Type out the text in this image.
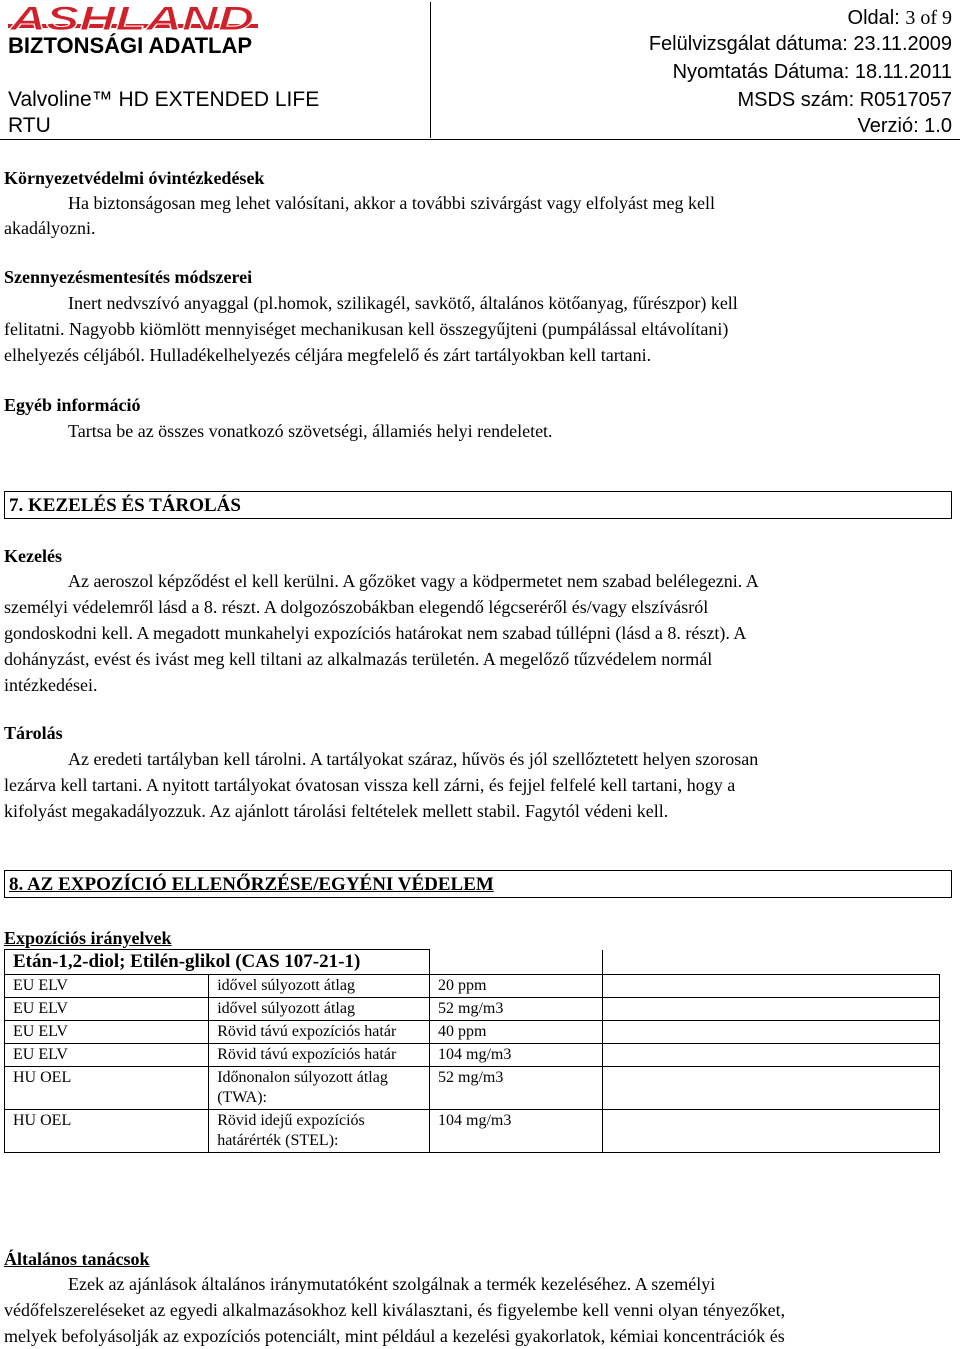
ASHLAND
BIZTONSÁGI ADATLAP
Valvoline™ HD EXTENDED LIFE
RTU
Oldal: 3 of 9
Felülvizsgálat dátuma: 23.11.2009
Nyomtatás Dátuma: 18.11.2011
MSDS szám: R0517057
Verzió: 1.0
Környezetvédelmi óvintézkedések
Ha biztonságosan meg lehet valósítani, akkor a további szivárgást vagy elfolyást meg kell
akadályozni.
Szennyezésmentesítés módszerei
Inert nedvszívó anyaggal (pl.homok, szilikagél, savkötő, általános kötőanyag, fűrészpor) kell
felitatni. Nagyobb kiömlött mennyiséget mechanikusan kell összegyűjteni (pumpálással eltávolítani)
elhelyezés céljából. Hulladékelhelyezés céljára megfelelő és zárt tartályokban kell tartani.
Egyéb információ
Tartsa be az összes vonatkozó szövetségi, államiés helyi rendeletet.
7. KEZELÉS ÉS TÁROLÁS
Kezelés
Az aeroszol képződést el kell kerülni. A gőzöket vagy a ködpermetet nem szabad belélegezni. A
személyi védelemről lásd a 8. részt. A dolgozószobákban elegendő légcseréről és/vagy elszívásról
gondoskodni kell. A megadott munkahelyi expozíciós határokat nem szabad túllépni (lásd a 8. részt). A
dohányzást, evést és ivást meg kell tiltani az alkalmazás területén. A megelőző tűzvédelem normál
intézkedései.
Tárolás
Az eredeti tartályban kell tárolni. A tartályokat száraz, hűvös és jól szellőztetett helyen szorosan
lezárva kell tartani. A nyitott tartályokat óvatosan vissza kell zárni, és fejjel felfelé kell tartani, hogy a
kifolyást megakadályozzuk. Az ajánlott tárolási feltételek mellett stabil. Fagytól védeni kell.
8. AZ EXPOZÍCIÓ ELLENŐRZÉSE/EGYÉNI VÉDELEM
Expozíciós irányelvek
Etán-1,2-diol; Etilén-glikol (CAS 107-21-1)			
EU ELV	idővel súlyozott átlag	20 ppm	
EU ELV	idővel súlyozott átlag	52 mg/m3	
EU ELV	Rövid távú expozíciós határ	40 ppm	
EU ELV	Rövid távú expozíciós határ	104 mg/m3	
HU OEL	Időnonalon súlyozott átlag (TWA):	52 mg/m3	
HU OEL	Rövid idejű expozíciós határérték (STEL):	104 mg/m3	
Általános tanácsok
Ezek az ajánlások általános iránymutatóként szolgálnak a termék kezeléséhez. A személyi
védőfelszereléseket az egyedi alkalmazásokhoz kell kiválasztani, és figyelembe kell venni olyan tényezőket,
melyek befolyásolják az expozíciós potenciált, mint például a kezelési gyakorlatok, kémiai koncentrációk és
